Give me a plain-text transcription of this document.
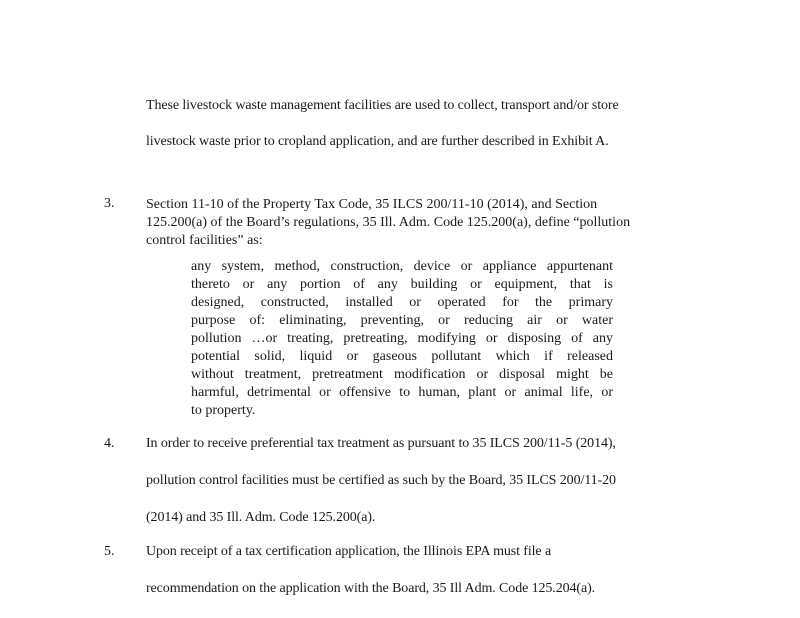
These livestock waste management facilities are used to collect, transport and/or store
livestock waste prior to cropland application, and are further described in Exhibit A.
3. Section 11-10 of the Property Tax Code, 35 ILCS 200/11-10 (2014), and Section
125.200(a) of the Board’s regulations, 35 Ill. Adm. Code 125.200(a), define “pollution
control facilities” as:
any system, method, construction, device or appliance appurtenant
thereto or any portion of any building or equipment, that is
designed, constructed, installed or operated for the primary
purpose of: eliminating, preventing, or reducing air or water
pollution …or treating, pretreating, modifying or disposing of any
potential solid, liquid or gaseous pollutant which if released
without treatment, pretreatment modification or disposal might be
harmful, detrimental or offensive to human, plant or animal life, or
to property.
4. In order to receive preferential tax treatment as pursuant to 35 ILCS 200/11-5 (2014),
pollution control facilities must be certified as such by the Board, 35 ILCS 200/11-20
(2014) and 35 Ill. Adm. Code 125.200(a).
5. Upon receipt of a tax certification application, the Illinois EPA must file a
recommendation on the application with the Board, 35 Ill Adm. Code 125.204(a).
